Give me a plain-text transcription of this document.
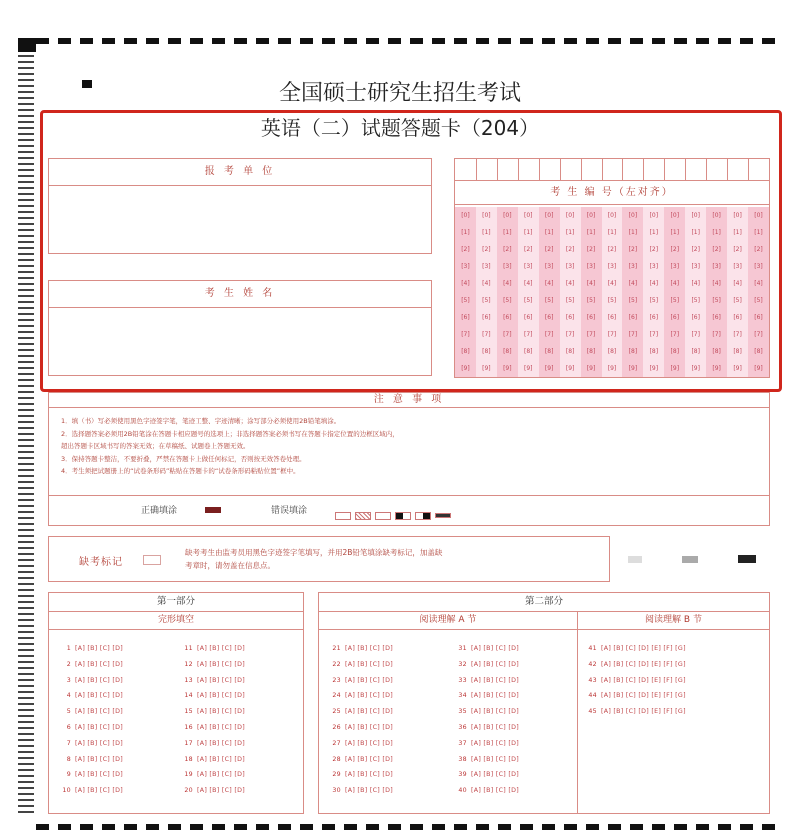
全国硕士研究生招生考试
英语（二）试题答题卡（204）
报 考 单 位
考 生 姓 名
考 生 编 号（左对齐）
[0]
[1]
[2]
[3]
[4]
[5]
[6]
[7]
[8]
[9]
[0]
[1]
[2]
[3]
[4]
[5]
[6]
[7]
[8]
[9]
[0]
[1]
[2]
[3]
[4]
[5]
[6]
[7]
[8]
[9]
[0]
[1]
[2]
[3]
[4]
[5]
[6]
[7]
[8]
[9]
[0]
[1]
[2]
[3]
[4]
[5]
[6]
[7]
[8]
[9]
[0]
[1]
[2]
[3]
[4]
[5]
[6]
[7]
[8]
[9]
[0]
[1]
[2]
[3]
[4]
[5]
[6]
[7]
[8]
[9]
[0]
[1]
[2]
[3]
[4]
[5]
[6]
[7]
[8]
[9]
[0]
[1]
[2]
[3]
[4]
[5]
[6]
[7]
[8]
[9]
[0]
[1]
[2]
[3]
[4]
[5]
[6]
[7]
[8]
[9]
[0]
[1]
[2]
[3]
[4]
[5]
[6]
[7]
[8]
[9]
[0]
[1]
[2]
[3]
[4]
[5]
[6]
[7]
[8]
[9]
[0]
[1]
[2]
[3]
[4]
[5]
[6]
[7]
[8]
[9]
[0]
[1]
[2]
[3]
[4]
[5]
[6]
[7]
[8]
[9]
[0]
[1]
[2]
[3]
[4]
[5]
[6]
[7]
[8]
[9]
注 意 事 项
1．填（书）写必须使用黑色字迹签字笔，笔迹工整、字迹清晰；涂写部分必须使用2B铅笔填涂。
2．选择题答案必须用2B铅笔涂在答题卡相应题号的选项上；非选择题答案必须书写在答题卡指定位置的边框区域内，
超出答题卡区域书写的答案无效；在草稿纸、试题卷上答题无效。
3．保持答题卡整洁，不要折叠，严禁在答题卡上做任何标记，否则按无效答卷处理。
4．考生须把试题册上的“试卷条形码”粘贴在答题卡的“试卷条形码粘贴位置”框中。
正确填涂	错误填涂
缺考标记
缺考考生由监考员用黑色字迹签字笔填写，并用2B铅笔填涂缺考标记，加盖缺
考章时，请勿盖在信息点。
第一部分
完形填空
1 [A] [B] [C] [D]
2 [A] [B] [C] [D]
3 [A] [B] [C] [D]
4 [A] [B] [C] [D]
5 [A] [B] [C] [D]
6 [A] [B] [C] [D]
7 [A] [B] [C] [D]
8 [A] [B] [C] [D]
9 [A] [B] [C] [D]
10 [A] [B] [C] [D]
11 [A] [B] [C] [D]
12 [A] [B] [C] [D]
13 [A] [B] [C] [D]
14 [A] [B] [C] [D]
15 [A] [B] [C] [D]
16 [A] [B] [C] [D]
17 [A] [B] [C] [D]
18 [A] [B] [C] [D]
19 [A] [B] [C] [D]
20 [A] [B] [C] [D]
第二部分
阅读理解 A 节	阅读理解 B 节
21 [A] [B] [C] [D]
22 [A] [B] [C] [D]
23 [A] [B] [C] [D]
24 [A] [B] [C] [D]
25 [A] [B] [C] [D]
26 [A] [B] [C] [D]
27 [A] [B] [C] [D]
28 [A] [B] [C] [D]
29 [A] [B] [C] [D]
30 [A] [B] [C] [D]
31 [A] [B] [C] [D]
32 [A] [B] [C] [D]
33 [A] [B] [C] [D]
34 [A] [B] [C] [D]
35 [A] [B] [C] [D]
36 [A] [B] [C] [D]
37 [A] [B] [C] [D]
38 [A] [B] [C] [D]
39 [A] [B] [C] [D]
40 [A] [B] [C] [D]
41 [A] [B] [C] [D] [E] [F] [G]
42 [A] [B] [C] [D] [E] [F] [G]
43 [A] [B] [C] [D] [E] [F] [G]
44 [A] [B] [C] [D] [E] [F] [G]
45 [A] [B] [C] [D] [E] [F] [G]
